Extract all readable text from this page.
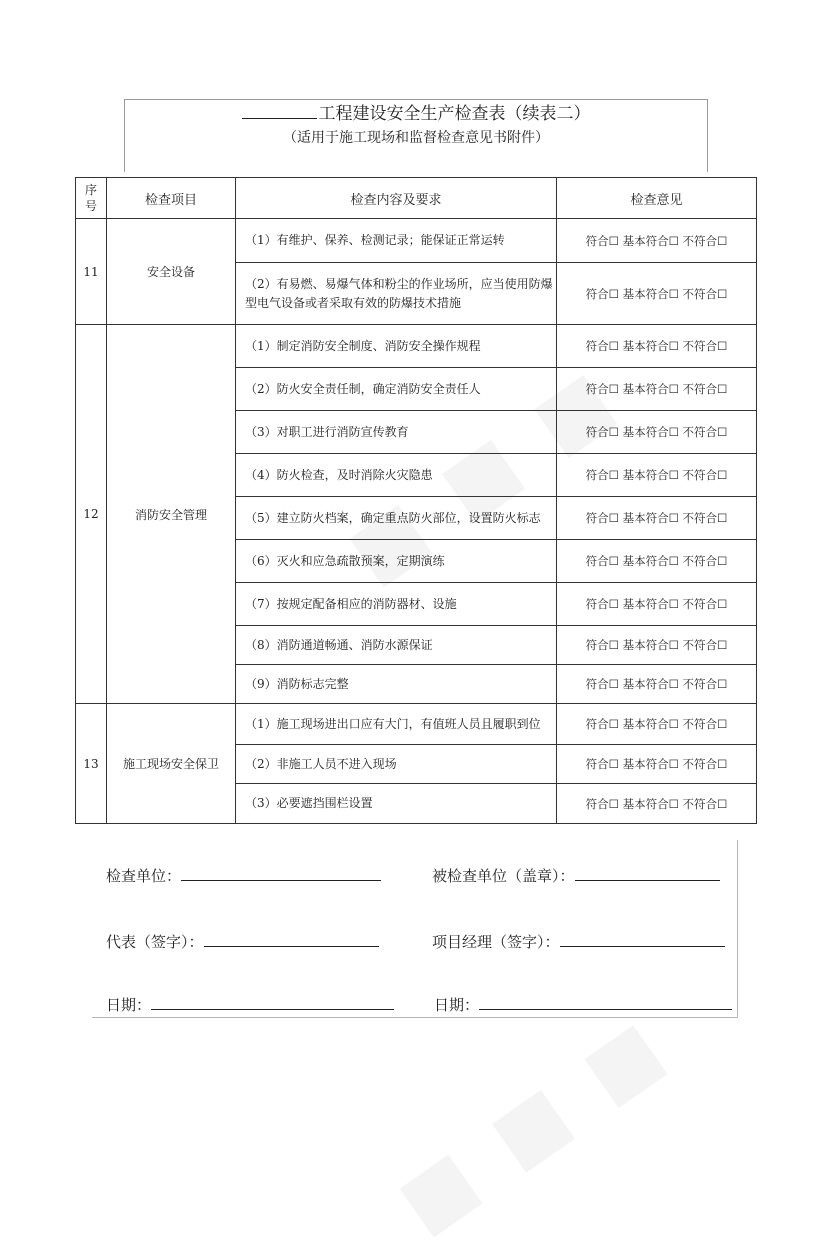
工程建设安全生产检查表（续表二）
（适用于施工现场和监督检查意见书附件）
序
号	检查项目	检查内容及要求	检查意见
11	安全设备	（1）有维护、保养、检测记录；能保证正常运转	符合☐ 基本符合☐ 不符合☐
		（2）有易燃、易爆气体和粉尘的作业场所，应当使用防爆型电气设备或者采取有效的防爆技术措施	符合☐ 基本符合☐ 不符合☐
12	消防安全管理	（1）制定消防安全制度、消防安全操作规程	符合☐ 基本符合☐ 不符合☐
		（2）防火安全责任制，确定消防安全责任人	符合☐ 基本符合☐ 不符合☐
		（3）对职工进行消防宣传教育	符合☐ 基本符合☐ 不符合☐
		（4）防火检查，及时消除火灾隐患	符合☐ 基本符合☐ 不符合☐
		（5）建立防火档案，确定重点防火部位，设置防火标志	符合☐ 基本符合☐ 不符合☐
		（6）灭火和应急疏散预案，定期演练	符合☐ 基本符合☐ 不符合☐
		（7）按规定配备相应的消防器材、设施	符合☐ 基本符合☐ 不符合☐
		（8）消防通道畅通、消防水源保证	符合☐ 基本符合☐ 不符合☐
		（9）消防标志完整	符合☐ 基本符合☐ 不符合☐
13	施工现场安全保卫	（1）施工现场进出口应有大门，有值班人员且履职到位	符合☐ 基本符合☐ 不符合☐
		（2）非施工人员不进入现场	符合☐ 基本符合☐ 不符合☐
		（3）必要遮挡围栏设置	符合☐ 基本符合☐ 不符合☐
检查单位：	被检查单位（盖章）：
代表（签字）：	项目经理（签字）：
日期：	日期：
